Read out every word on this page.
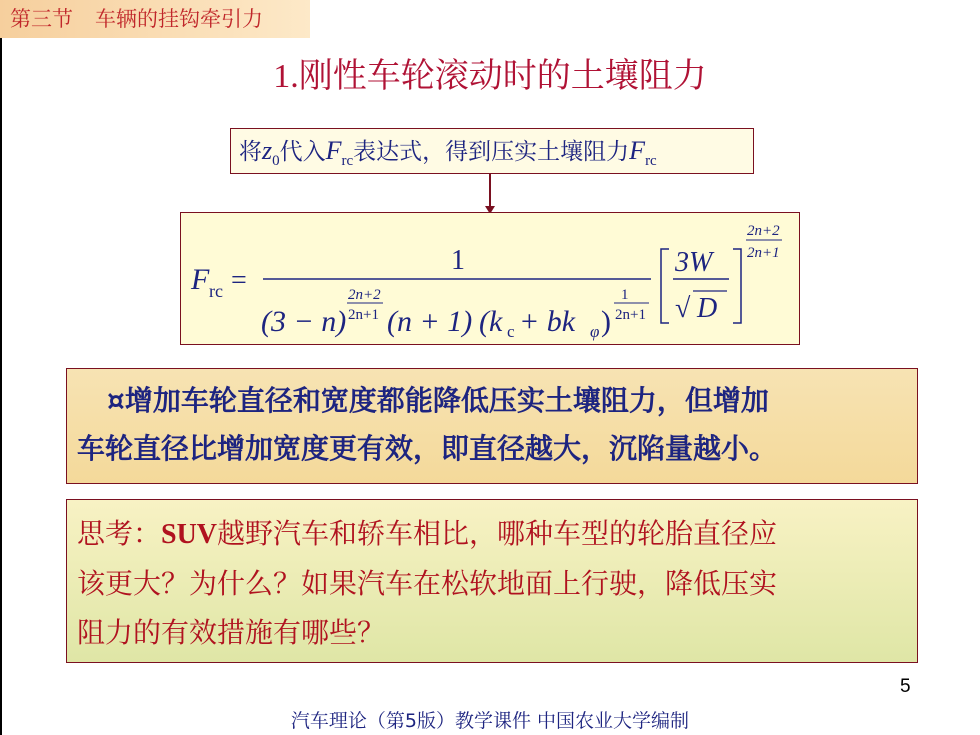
第三节 车辆的挂钩牵引力
1.刚性车轮滚动时的土壤阻力
将$z_0$代入$F_{rc}$表达式，得到压实土壤阻力$F_{rc}$
F rc =
1
(3 − n)
2n+2
2n+1 (n + 1) (k c + bk φ )
1
2n+1
3W
√ D
2n+2
2n+1
¤增加车轮直径和宽度都能降低压实土壤阻力，但增加
车轮直径比增加宽度更有效，即直径越大，沉陷量越小。
思考：SUV越野汽车和轿车相比，哪种车型的轮胎直径应
该更大？为什么？如果汽车在松软地面上行驶，降低压实
阻力的有效措施有哪些？
5
汽车理论（第5版）教学课件 中国农业大学编制
